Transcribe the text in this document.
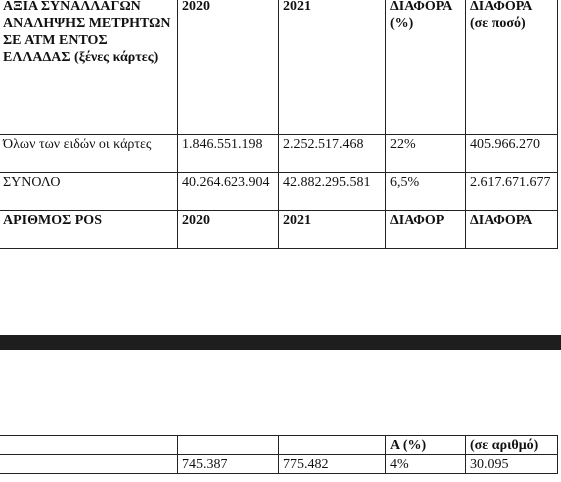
ΑΞΙΑ ΣΥΝΑΛΛΑΓΩΝ ΑΝΑΛΗΨΗΣ ΜΕΤΡΗΤΩΝ ΣΕ ΑΤΜ ΕΝΤΟΣ ΕΛΛΑΔΑΣ (ξένες κάρτες)	2020	2021	ΔΙΑΦΟΡΑ (%)	ΔΙΑΦΟΡΑ (σε ποσό)
Όλων των ειδών οι κάρτες	1.846.551.198	2.252.517.468	22%	405.966.270
ΣΥΝΟΛΟ	40.264.623.904	42.882.295.581	6,5%	2.617.671.677
ΑΡΙΘΜΟΣ POS	2020	2021	ΔΙΑΦΟΡ	ΔΙΑΦΟΡΑ
			Α (%)	(σε αριθμό)
	745.387	775.482	4%	30.095
